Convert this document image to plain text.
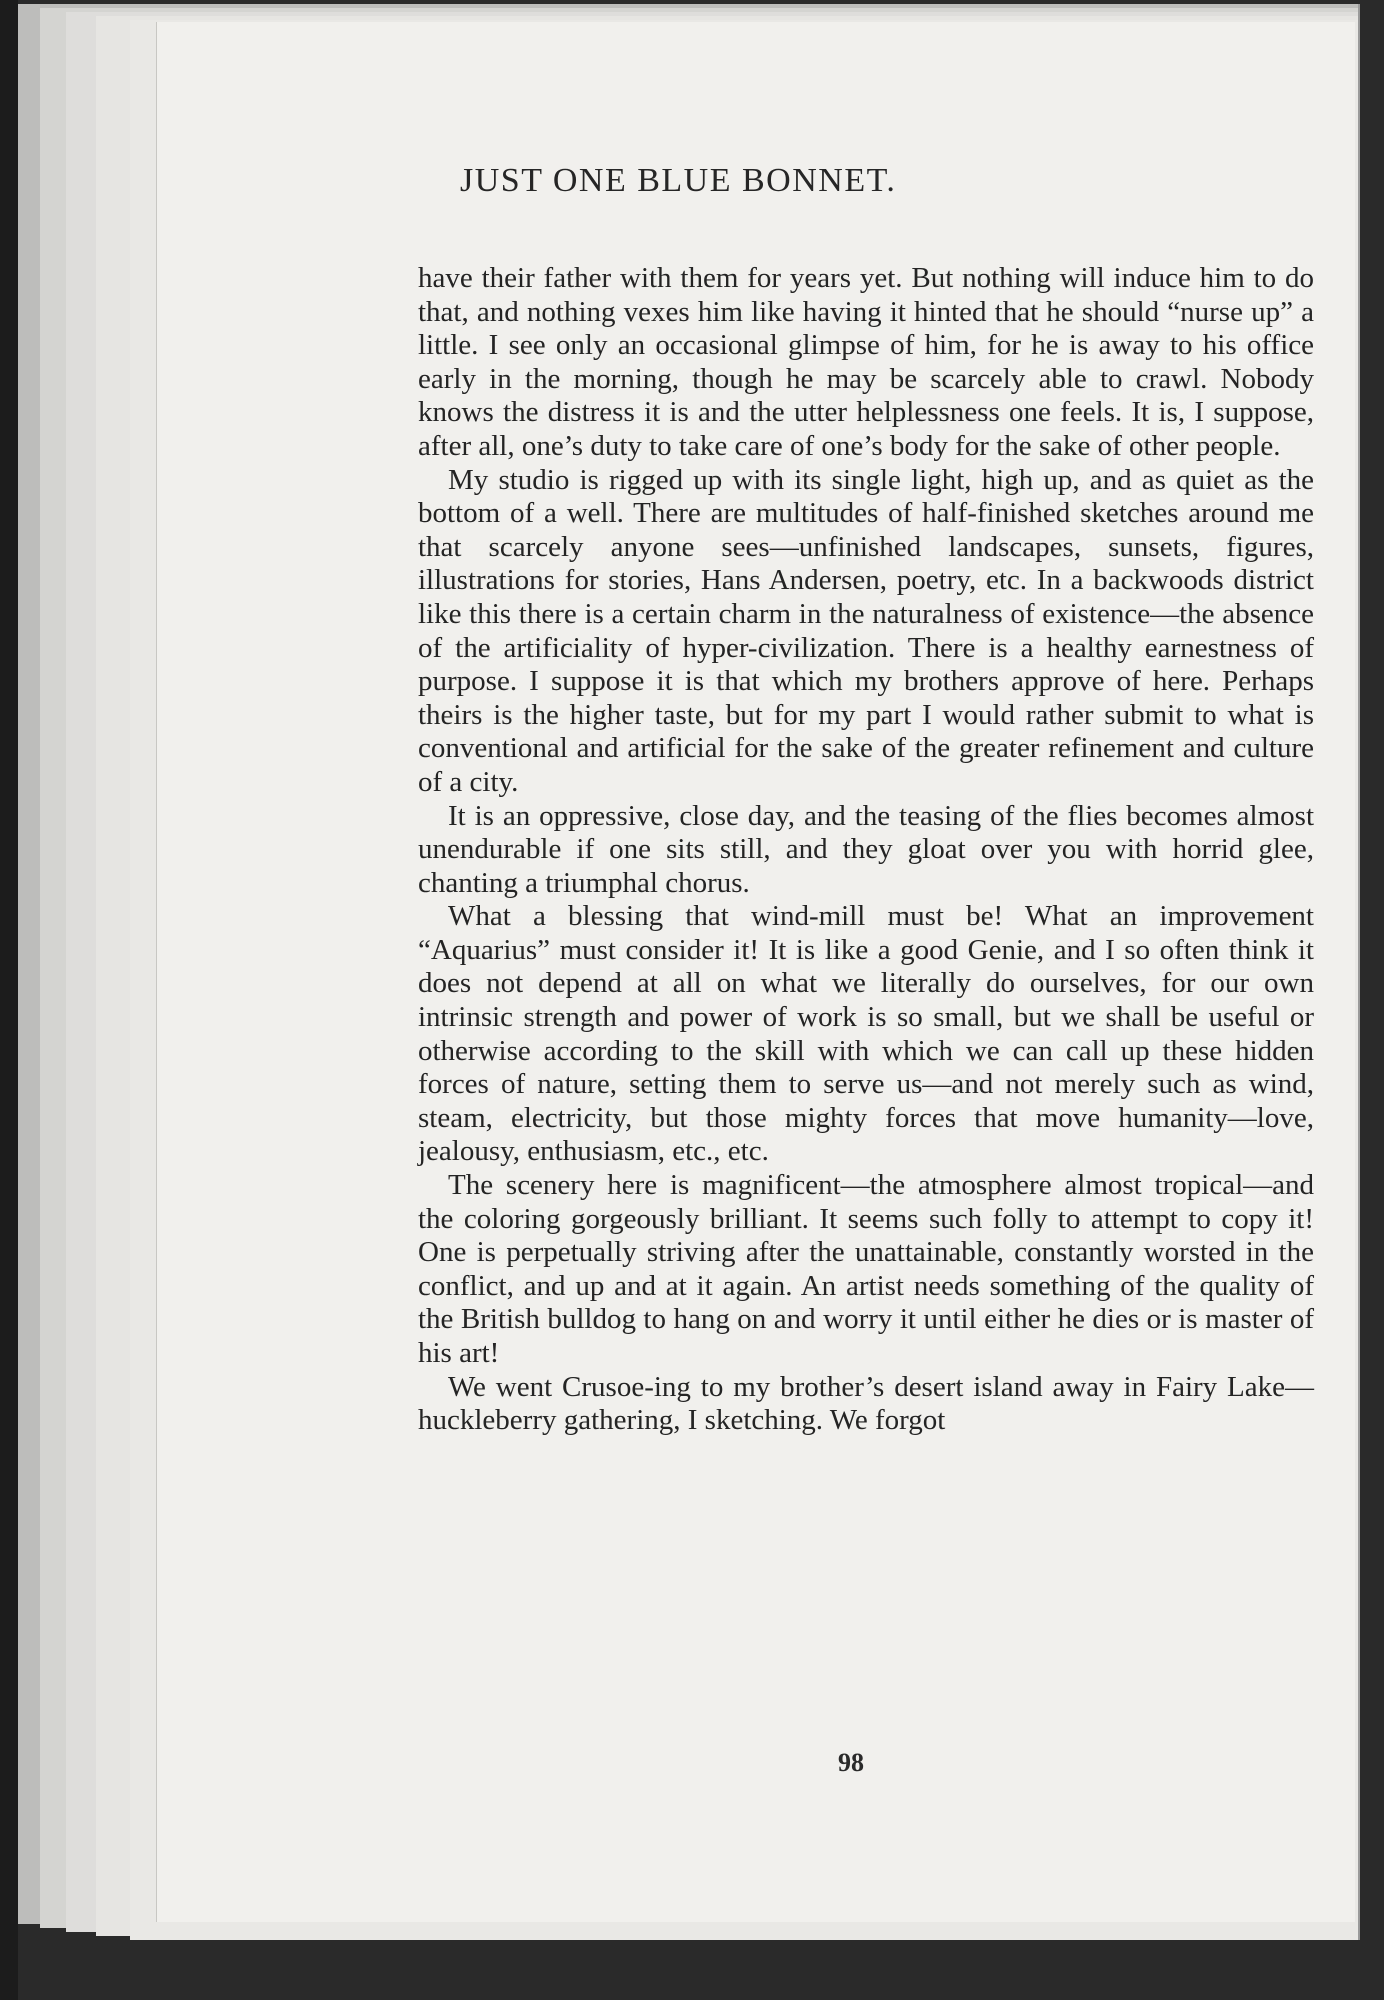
JUST ONE BLUE BONNET.

have their father with them for years yet. But nothing will induce him to do that, and nothing vexes him like having it hinted that he should “nurse up” a little. I see only an occasional glimpse of him, for he is away to his office early in the morning, though he may be scarcely able to crawl. Nobody knows the distress it is and the utter helplessness one feels. It is, I suppose, after all, one’s duty to take care of one’s body for the sake of other people.

My studio is rigged up with its single light, high up, and as quiet as the bottom of a well. There are multitudes of half-finished sketches around me that scarcely anyone sees—unfinished landscapes, sunsets, figures, illustrations for stories, Hans Andersen, poetry, etc. In a backwoods district like this there is a certain charm in the naturalness of existence—the absence of the artificiality of hyper-civilization. There is a healthy earnestness of purpose. I suppose it is that which my brothers approve of here. Perhaps theirs is the higher taste, but for my part I would rather submit to what is conventional and artificial for the sake of the greater refinement and culture of a city.

It is an oppressive, close day, and the teasing of the flies becomes almost unendurable if one sits still, and they gloat over you with horrid glee, chanting a triumphal chorus.

What a blessing that wind-mill must be! What an improvement “Aquarius” must consider it! It is like a good Genie, and I so often think it does not depend at all on what we literally do ourselves, for our own intrinsic strength and power of work is so small, but we shall be useful or otherwise according to the skill with which we can call up these hidden forces of nature, setting them to serve us—and not merely such as wind, steam, electricity, but those mighty forces that move humanity—love, jealousy, enthusiasm, etc., etc.

The scenery here is magnificent—the atmosphere almost tropical—and the coloring gorgeously brilliant. It seems such folly to attempt to copy it! One is perpetually striving after the unattainable, constantly worsted in the conflict, and up and at it again. An artist needs something of the quality of the British bulldog to hang on and worry it until either he dies or is master of his art!

We went Crusoe-ing to my brother’s desert island away in Fairy Lake—huckleberry gathering, I sketching. We forgot

98
